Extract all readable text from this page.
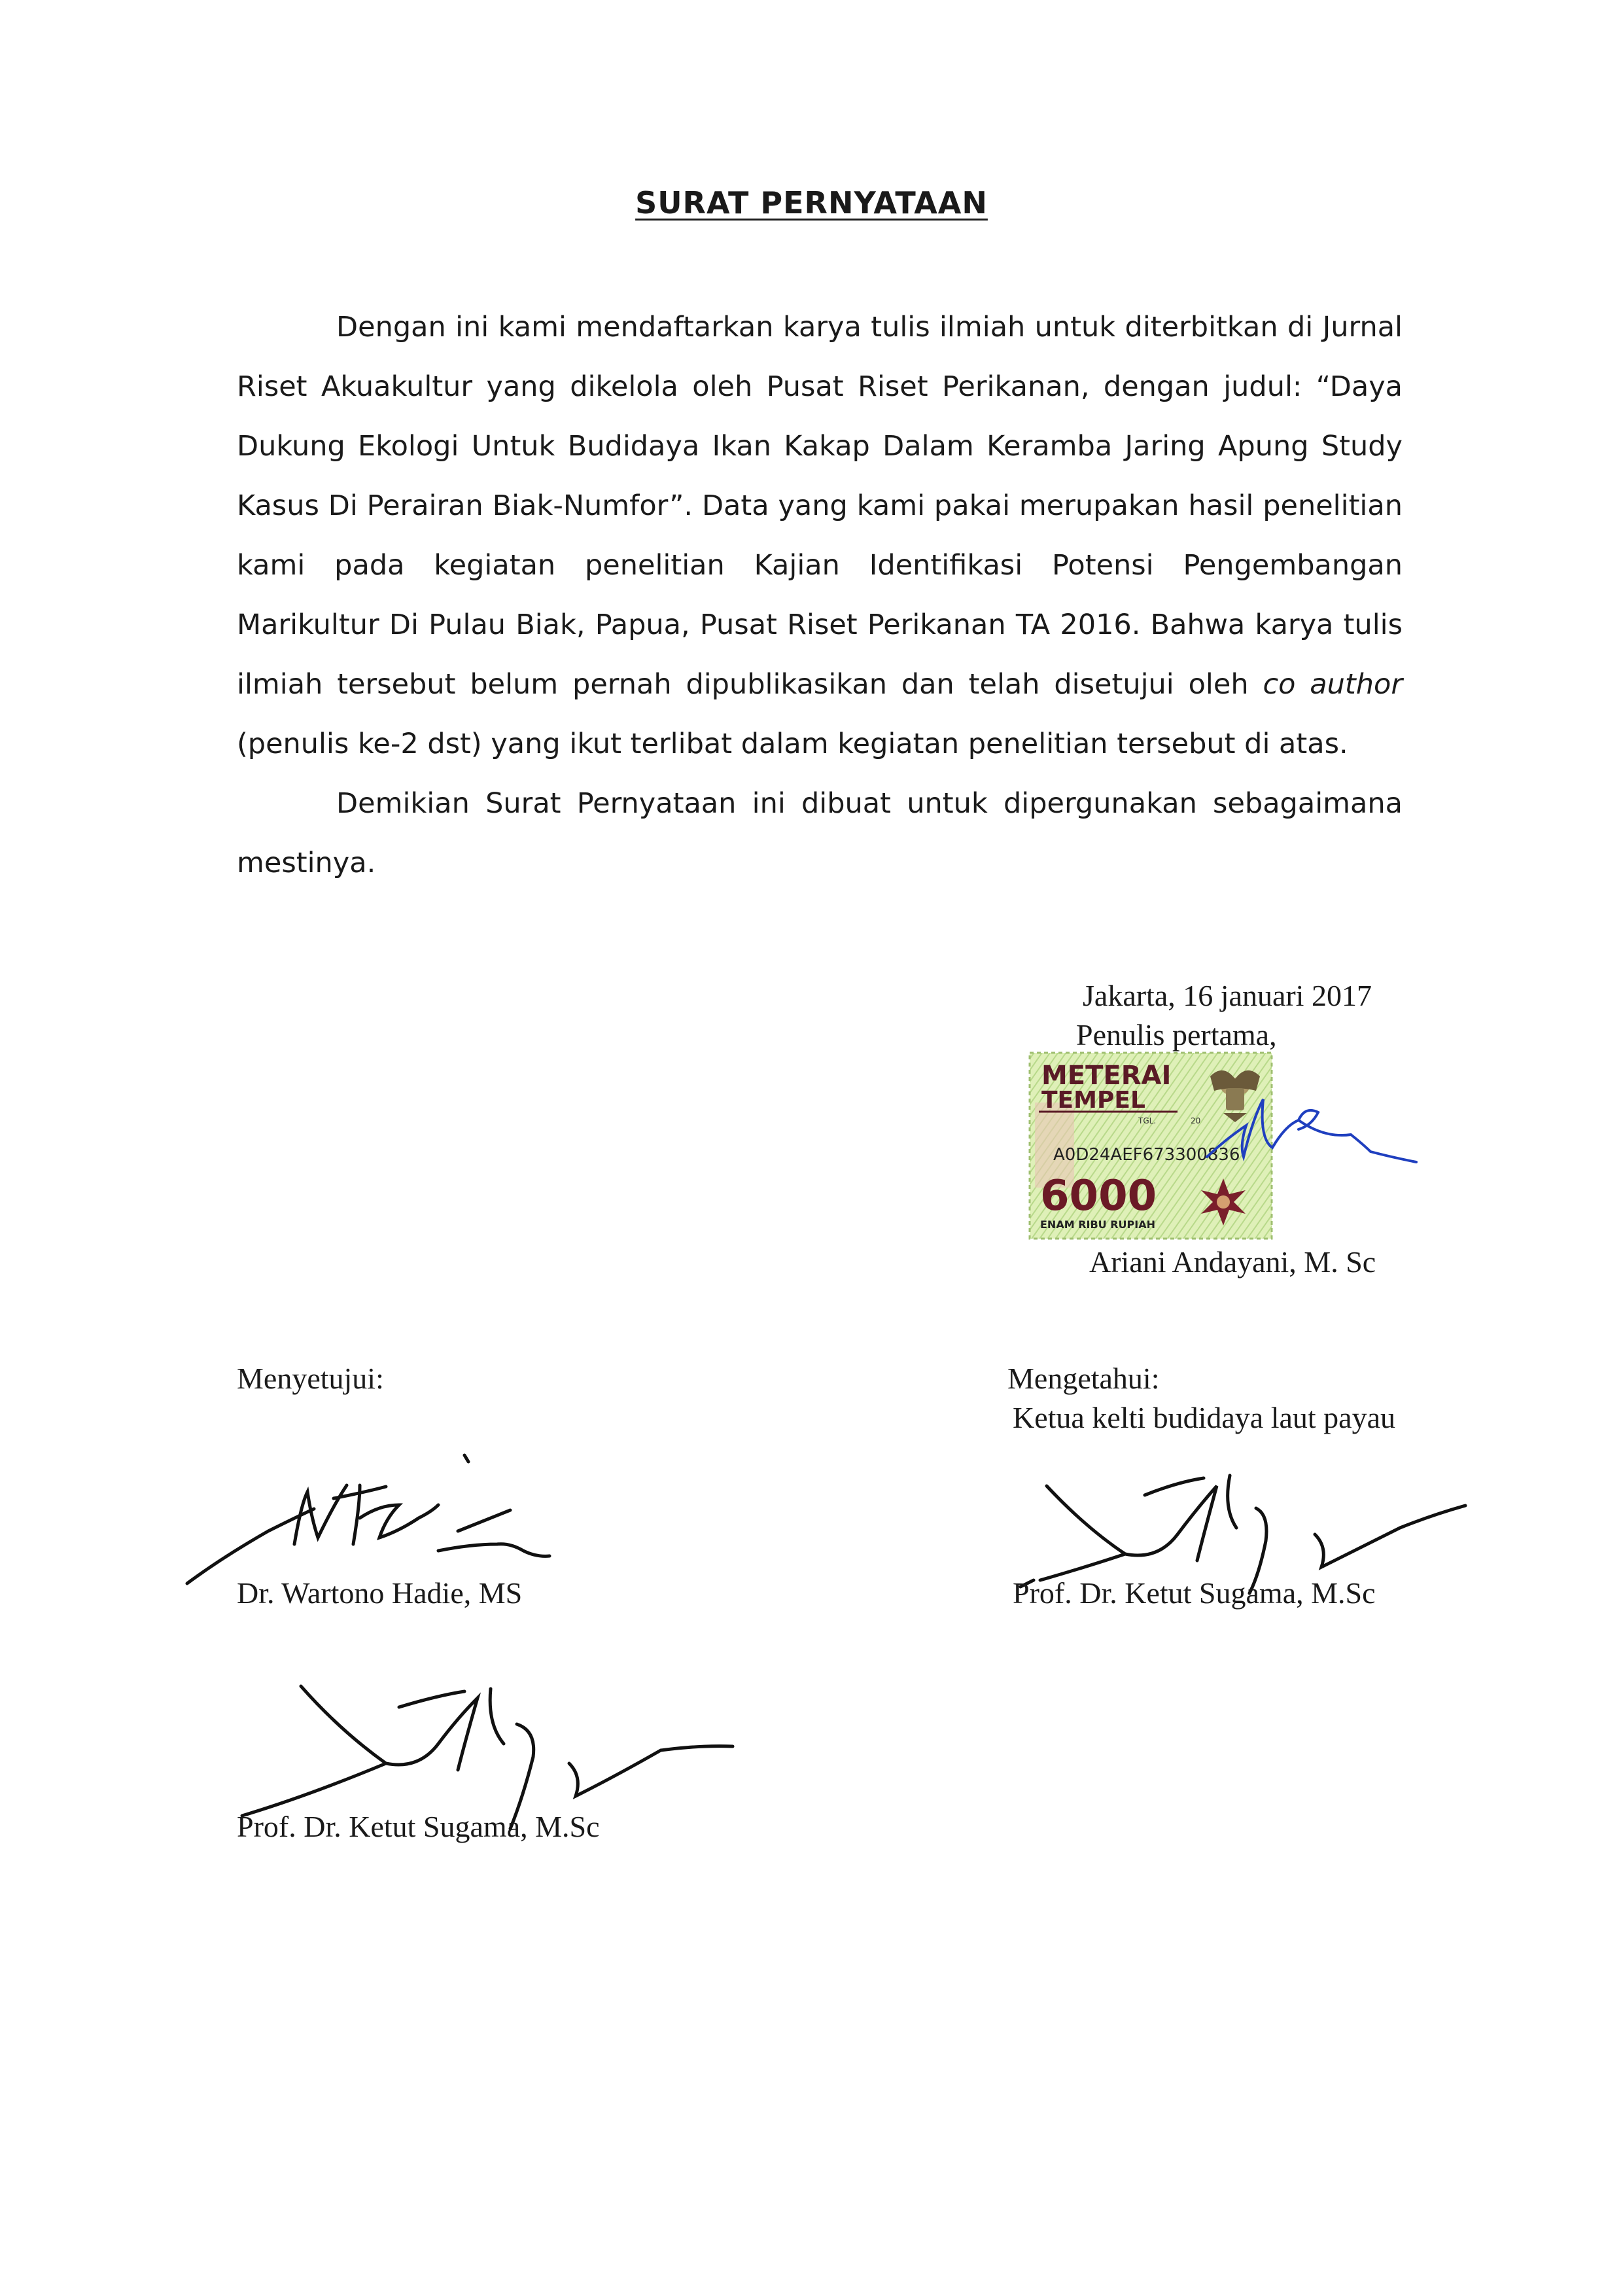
SURAT PERNYATAAN

Dengan ini kami mendaftarkan karya tulis ilmiah untuk diterbitkan di Jurnal Riset Akuakultur yang dikelola oleh Pusat Riset Perikanan, dengan judul: “Daya Dukung Ekologi Untuk Budidaya Ikan Kakap Dalam Keramba Jaring Apung Study Kasus Di Perairan Biak-Numfor”. Data yang kami pakai merupakan hasil penelitian kami pada kegiatan penelitian Kajian Identifikasi Potensi Pengembangan Marikultur Di Pulau Biak, Papua, Pusat Riset Perikanan TA 2016. Bahwa karya tulis ilmiah tersebut belum pernah dipublikasikan dan telah disetujui oleh co author (penulis ke-2 dst) yang ikut terlibat dalam kegiatan penelitian tersebut di atas.

Demikian Surat Pernyataan ini dibuat untuk dipergunakan sebagaimana mestinya.

Jakarta, 16 januari 2017
Penulis pertama,
METERAI
TEMPEL
TGL.	20
A0D24AEF673300836
6000
ENAM RIBU RUPIAH
Ariani Andayani, M. Sc
Menyetujui:	Mengetahui:
Ketua kelti budidaya laut payau
Dr. Wartono Hadie, MS	Prof. Dr. Ketut Sugama, M.Sc
Prof. Dr. Ketut Sugama, M.Sc
